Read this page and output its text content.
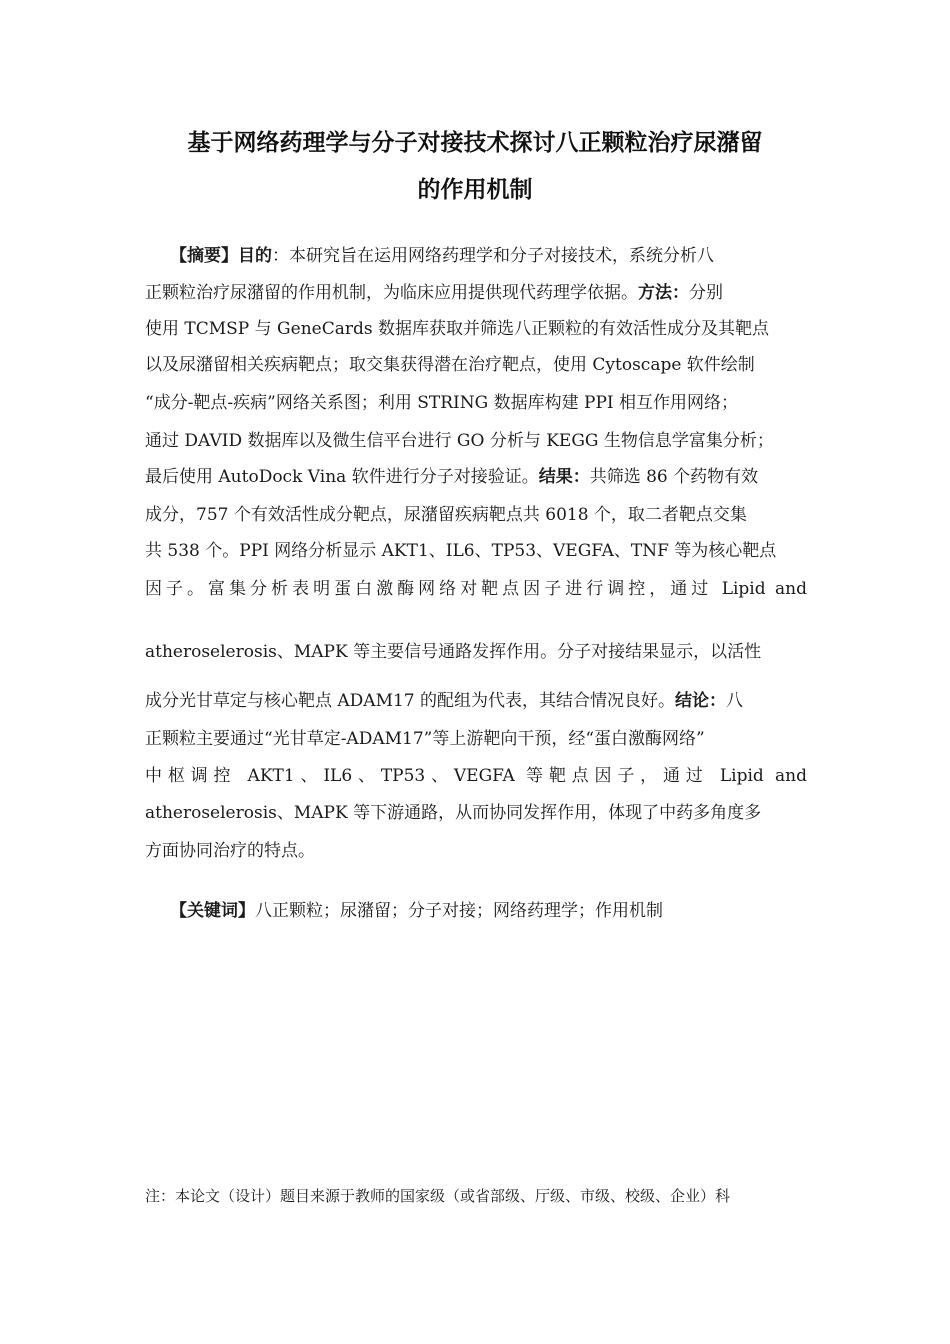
基于网络药理学与分子对接技术探讨八正颗粒治疗尿潴留
的作用机制
【摘要】目的：本研究旨在运用网络药理学和分子对接技术，系统分析八
正颗粒治疗尿潴留的作用机制，为临床应用提供现代药理学依据。方法：分别
使用 TCMSP 与 GeneCards 数据库获取并筛选八正颗粒的有效活性成分及其靶点
以及尿潴留相关疾病靶点；取交集获得潜在治疗靶点，使用 Cytoscape 软件绘制
“成分-靶点-疾病”网络关系图；利用 STRING 数据库构建 PPI 相互作用网络；
通过 DAVID 数据库以及微生信平台进行 GO 分析与 KEGG 生物信息学富集分析；
最后使用 AutoDock Vina 软件进行分子对接验证。结果：共筛选 86 个药物有效
成分，757 个有效活性成分靶点，尿潴留疾病靶点共 6018 个，取二者靶点交集
共 538 个。PPI 网络分析显示 AKT1、IL6、TP53、VEGFA、TNF 等为核心靶点
因子。富集分析表明蛋白激酶网络对靶点因子进行调控，通过 Lipid and
atheroselerosis、MAPK 等主要信号通路发挥作用。分子对接结果显示，以活性
成分光甘草定与核心靶点 ADAM17 的配组为代表，其结合情况良好。结论：八
正颗粒主要通过“光甘草定-ADAM17”等上游靶向干预，经“蛋白激酶网络”
中枢调控 AKT1、IL6、TP53、VEGFA 等靶点因子，通过 Lipid and
atheroselerosis、MAPK 等下游通路，从而协同发挥作用，体现了中药多角度多
方面协同治疗的特点。
【关键词】八正颗粒；尿潴留；分子对接；网络药理学；作用机制
注：本论文（设计）题目来源于教师的国家级（或省部级、厅级、市级、校级、企业）科
